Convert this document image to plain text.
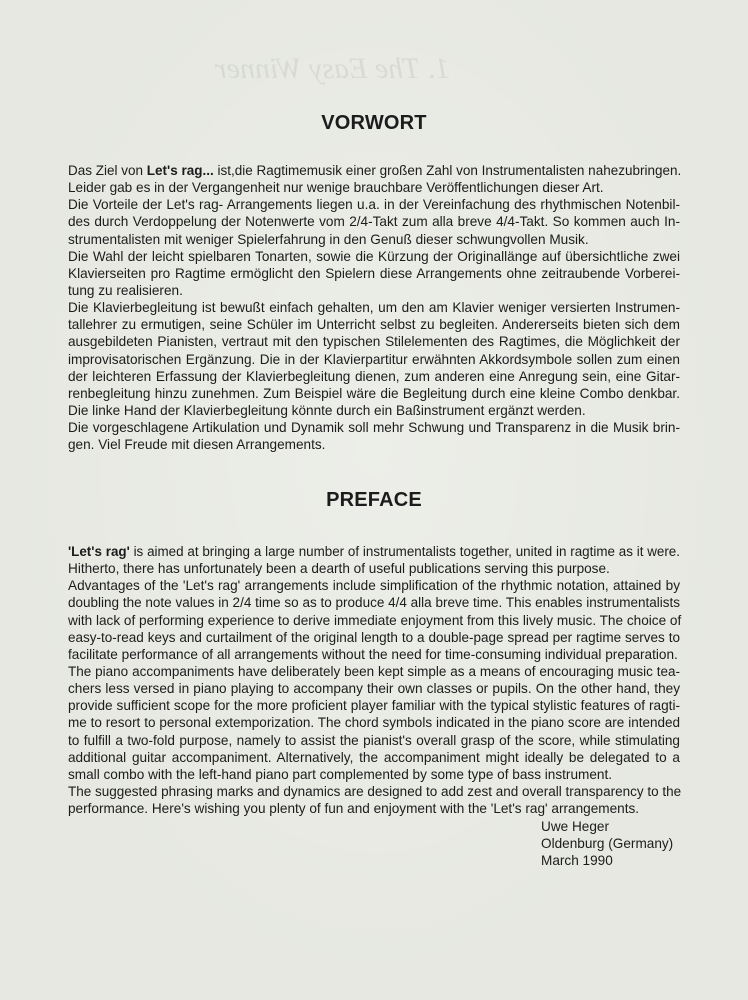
1. The Easy Winner
VORWORT
Das Ziel von Let's rag... ist,die Ragtimemusik einer großen Zahl von Instrumentalisten nahezubringen.
Leider gab es in der Vergangenheit nur wenige brauchbare Veröffentlichungen dieser Art.
Die Vorteile der Let's rag- Arrangements liegen u.a. in der Vereinfachung des rhythmischen Notenbil-
des durch Verdoppelung der Notenwerte vom 2/4-Takt zum alla breve 4/4-Takt. So kommen auch In-
strumentalisten mit weniger Spielerfahrung in den Genuß dieser schwungvollen Musik.
Die Wahl der leicht spielbaren Tonarten, sowie die Kürzung der Originallänge auf übersichtliche zwei
Klavierseiten pro Ragtime ermöglicht den Spielern diese Arrangements ohne zeitraubende Vorberei-
tung zu realisieren.
Die Klavierbegleitung ist bewußt einfach gehalten, um den am Klavier weniger versierten Instrumen-
tallehrer zu ermutigen, seine Schüler im Unterricht selbst zu begleiten. Andererseits bieten sich dem
ausgebildeten Pianisten, vertraut mit den typischen Stilelementen des Ragtimes, die Möglichkeit der
improvisatorischen Ergänzung. Die in der Klavierpartitur erwähnten Akkordsymbole sollen zum einen
der leichteren Erfassung der Klavierbegleitung dienen, zum anderen eine Anregung sein, eine Gitar-
renbegleitung hinzu zunehmen. Zum Beispiel wäre die Begleitung durch eine kleine Combo denkbar.
Die linke Hand der Klavierbegleitung könnte durch ein Baßinstrument ergänzt werden.
Die vorgeschlagene Artikulation und Dynamik soll mehr Schwung und Transparenz in die Musik brin-
gen. Viel Freude mit diesen Arrangements.
PREFACE
'Let's rag' is aimed at bringing a large number of instrumentalists together, united in ragtime as it were.
Hitherto, there has unfortunately been a dearth of useful publications serving this purpose.
Advantages of the 'Let's rag' arrangements include simplification of the rhythmic notation, attained by
doubling the note values in 2/4 time so as to produce 4/4 alla breve time. This enables instrumentalists
with lack of performing experience to derive immediate enjoyment from this lively music. The choice of
easy-to-read keys and curtailment of the original length to a double-page spread per ragtime serves to
facilitate performance of all arrangements without the need for time-consuming individual preparation.
The piano accompaniments have deliberately been kept simple as a means of encouraging music tea-
chers less versed in piano playing to accompany their own classes or pupils. On the other hand, they
provide sufficient scope for the more proficient player familiar with the typical stylistic features of ragti-
me to resort to personal extemporization. The chord symbols indicated in the piano score are intended
to fulfill a two-fold purpose, namely to assist the pianist's overall grasp of the score, while stimulating
additional guitar accompaniment. Alternatively, the accompaniment might ideally be delegated to a
small combo with the left-hand piano part complemented by some type of bass instrument.
The suggested phrasing marks and dynamics are designed to add zest and overall transparency to the
performance. Here's wishing you plenty of fun and enjoyment with the 'Let's rag' arrangements.
Uwe Heger
Oldenburg (Germany)
March 1990
